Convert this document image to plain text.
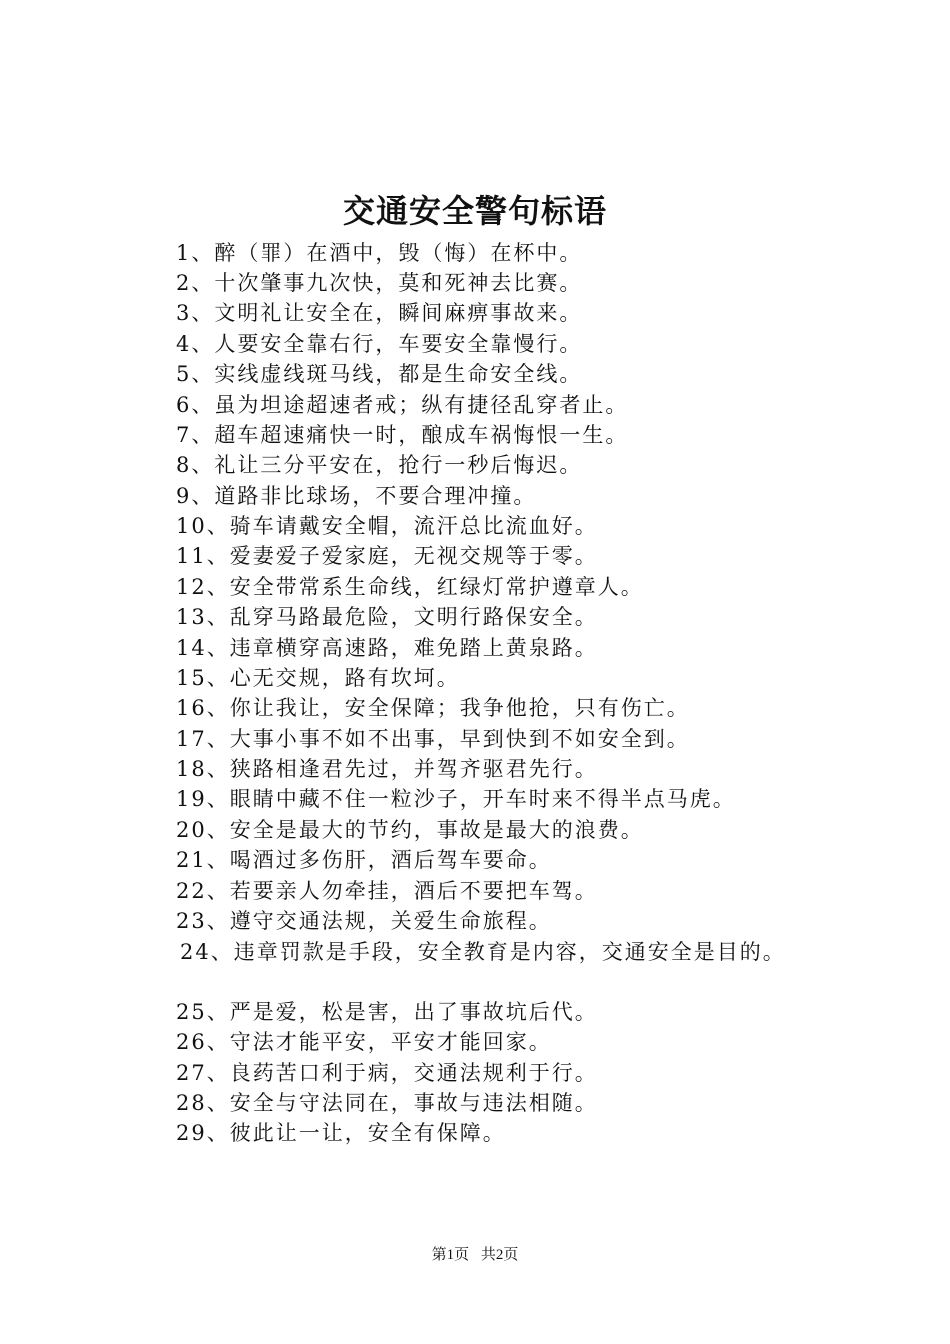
交通安全警句标语
1、醉（罪）在酒中，毁（悔）在杯中。
2、十次肇事九次快，莫和死神去比赛。
3、文明礼让安全在，瞬间麻痹事故来。
4、人要安全靠右行，车要安全靠慢行。
5、实线虚线斑马线，都是生命安全线。
6、虽为坦途超速者戒；纵有捷径乱穿者止。
7、超车超速痛快一时，酿成车祸悔恨一生。
8、礼让三分平安在，抢行一秒后悔迟。
9、道路非比球场，不要合理冲撞。
10、骑车请戴安全帽，流汗总比流血好。
11、爱妻爱子爱家庭，无视交规等于零。
12、安全带常系生命线，红绿灯常护遵章人。
13、乱穿马路最危险，文明行路保安全。
14、违章横穿高速路，难免踏上黄泉路。
15、心无交规，路有坎坷。
16、你让我让，安全保障；我争他抢，只有伤亡。
17、大事小事不如不出事，早到快到不如安全到。
18、狭路相逢君先过，并驾齐驱君先行。
19、眼睛中藏不住一粒沙子，开车时来不得半点马虎。
20、安全是最大的节约，事故是最大的浪费。
21、喝酒过多伤肝，酒后驾车要命。
22、若要亲人勿牵挂，酒后不要把车驾。
23、遵守交通法规，关爱生命旅程。
24、违章罚款是手段，安全教育是内容，交通安全是目的。
25、严是爱，松是害，出了事故坑后代。
26、守法才能平安，平安才能回家。
27、良药苦口利于病，交通法规利于行。
28、安全与守法同在，事故与违法相随。
29、彼此让一让，安全有保障。
第1页 共2页
